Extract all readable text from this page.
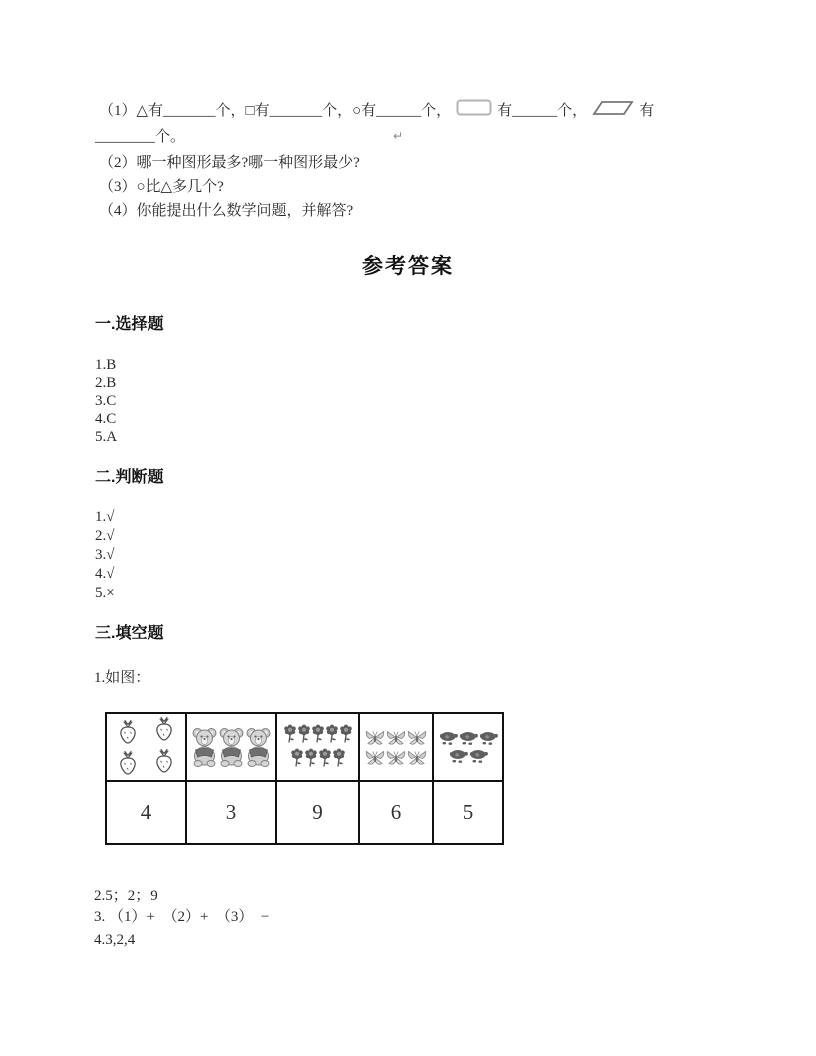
（1）△有_______个，□有_______个，○有______个，	有______个，	有
________个。	↵
（2）哪一种图形最多?哪一种图形最少?
（3）○比△多几个?
（4）你能提出什么数学问题，并解答?
参考答案
一.选择题
1.B
2.B
3.C
4.C
5.A
二.判断题
1.√
2.√
3.√
4.√
5.×
三.填空题
1.如图：

4	3	9	6	5
2.5；2；9
3. （1）+　（2）+　（3）　−
4.3,2,4
